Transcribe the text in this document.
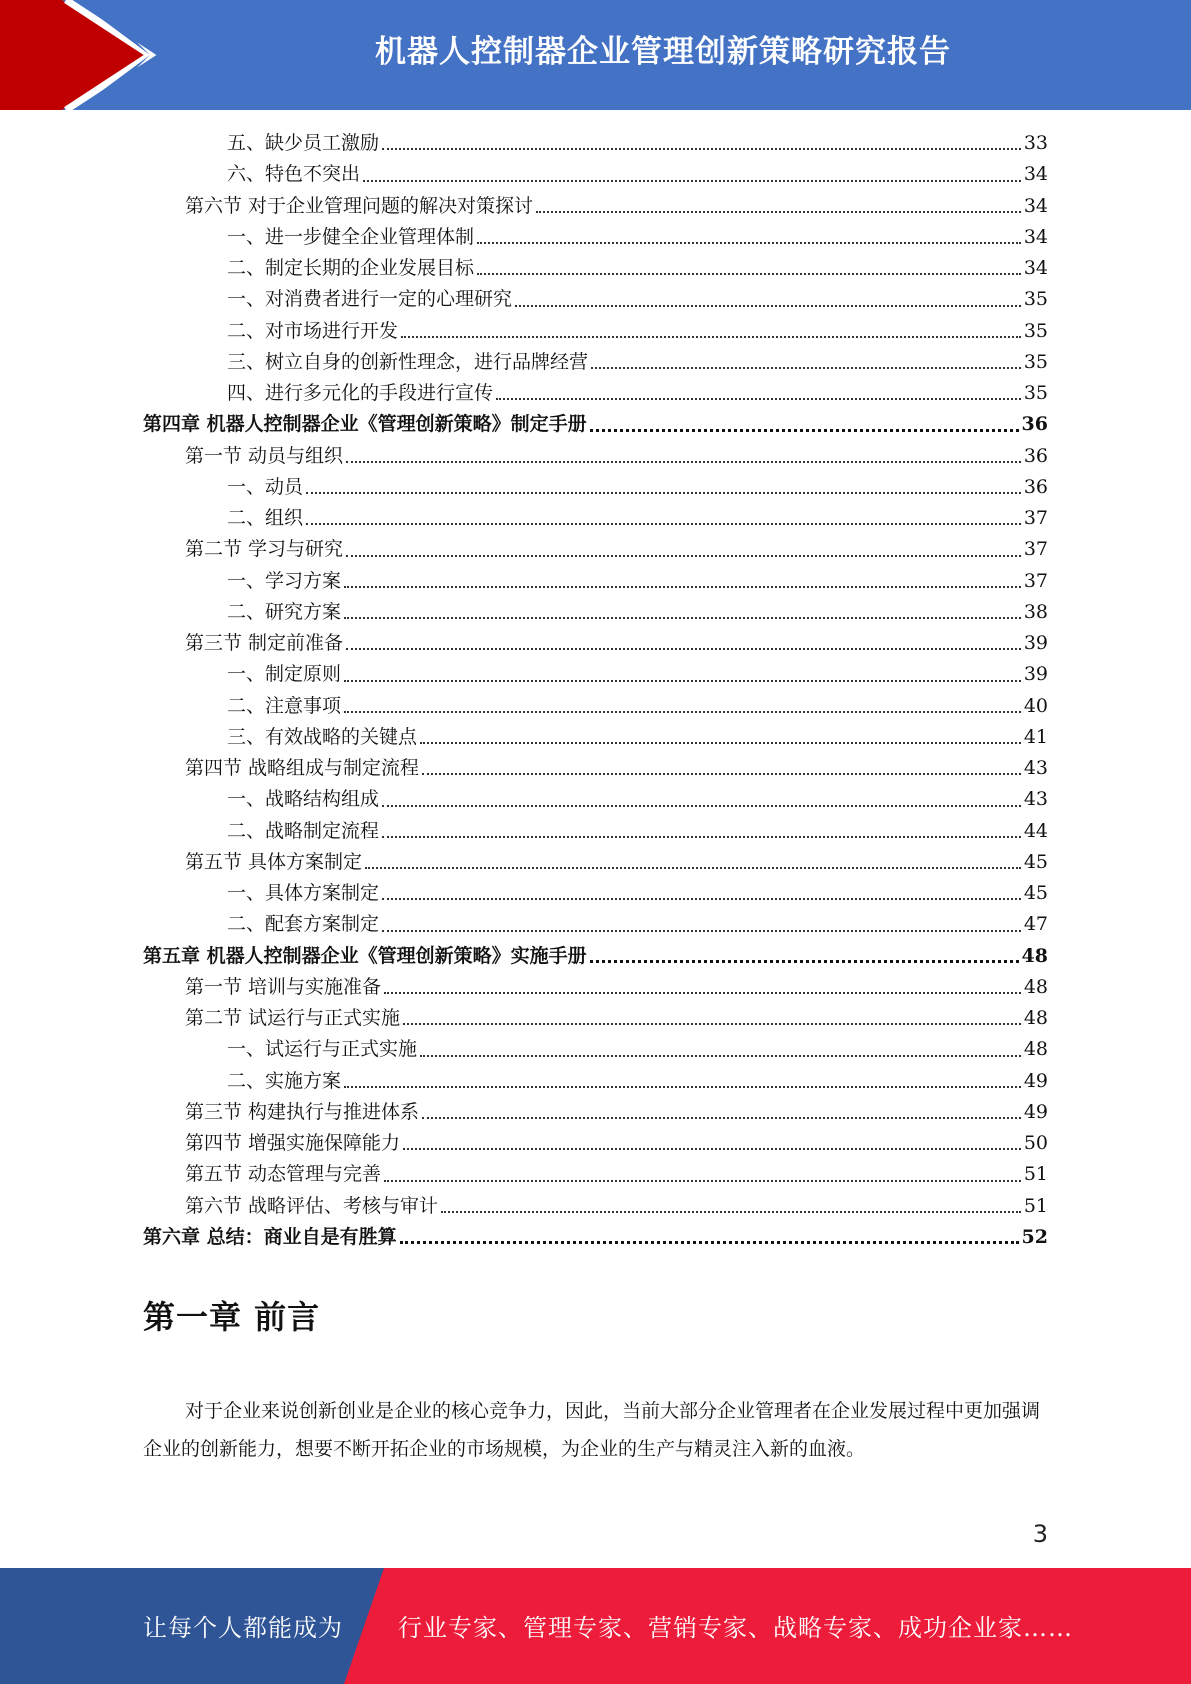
机器人控制器企业管理创新策略研究报告
五、缺少员工激励	33
六、特色不突出	34
第六节 对于企业管理问题的解决对策探讨	34
一、进一步健全企业管理体制	34
二、制定长期的企业发展目标	34
一、对消费者进行一定的心理研究	35
二、对市场进行开发	35
三、树立自身的创新性理念，进行品牌经营	35
四、进行多元化的手段进行宣传	35
第四章 机器人控制器企业《管理创新策略》制定手册	36
第一节 动员与组织	36
一、动员	36
二、组织	37
第二节 学习与研究	37
一、学习方案	37
二、研究方案	38
第三节 制定前准备	39
一、制定原则	39
二、注意事项	40
三、有效战略的关键点	41
第四节 战略组成与制定流程	43
一、战略结构组成	43
二、战略制定流程	44
第五节 具体方案制定	45
一、具体方案制定	45
二、配套方案制定	47
第五章 机器人控制器企业《管理创新策略》实施手册	48
第一节 培训与实施准备	48
第二节 试运行与正式实施	48
一、试运行与正式实施	48
二、实施方案	49
第三节 构建执行与推进体系	49
第四节 增强实施保障能力	50
第五节 动态管理与完善	51
第六节 战略评估、考核与审计	51
第六章 总结：商业自是有胜算	52
第一章 前言
对于企业来说创新创业是企业的核心竞争力，因此，当前大部分企业管理者在企业发展过程中更加强调企业的创新能力，想要不断开拓企业的市场规模，为企业的生产与精灵注入新的血液。
3
让每个人都能成为 行业专家、管理专家、营销专家、战略专家、成功企业家……
